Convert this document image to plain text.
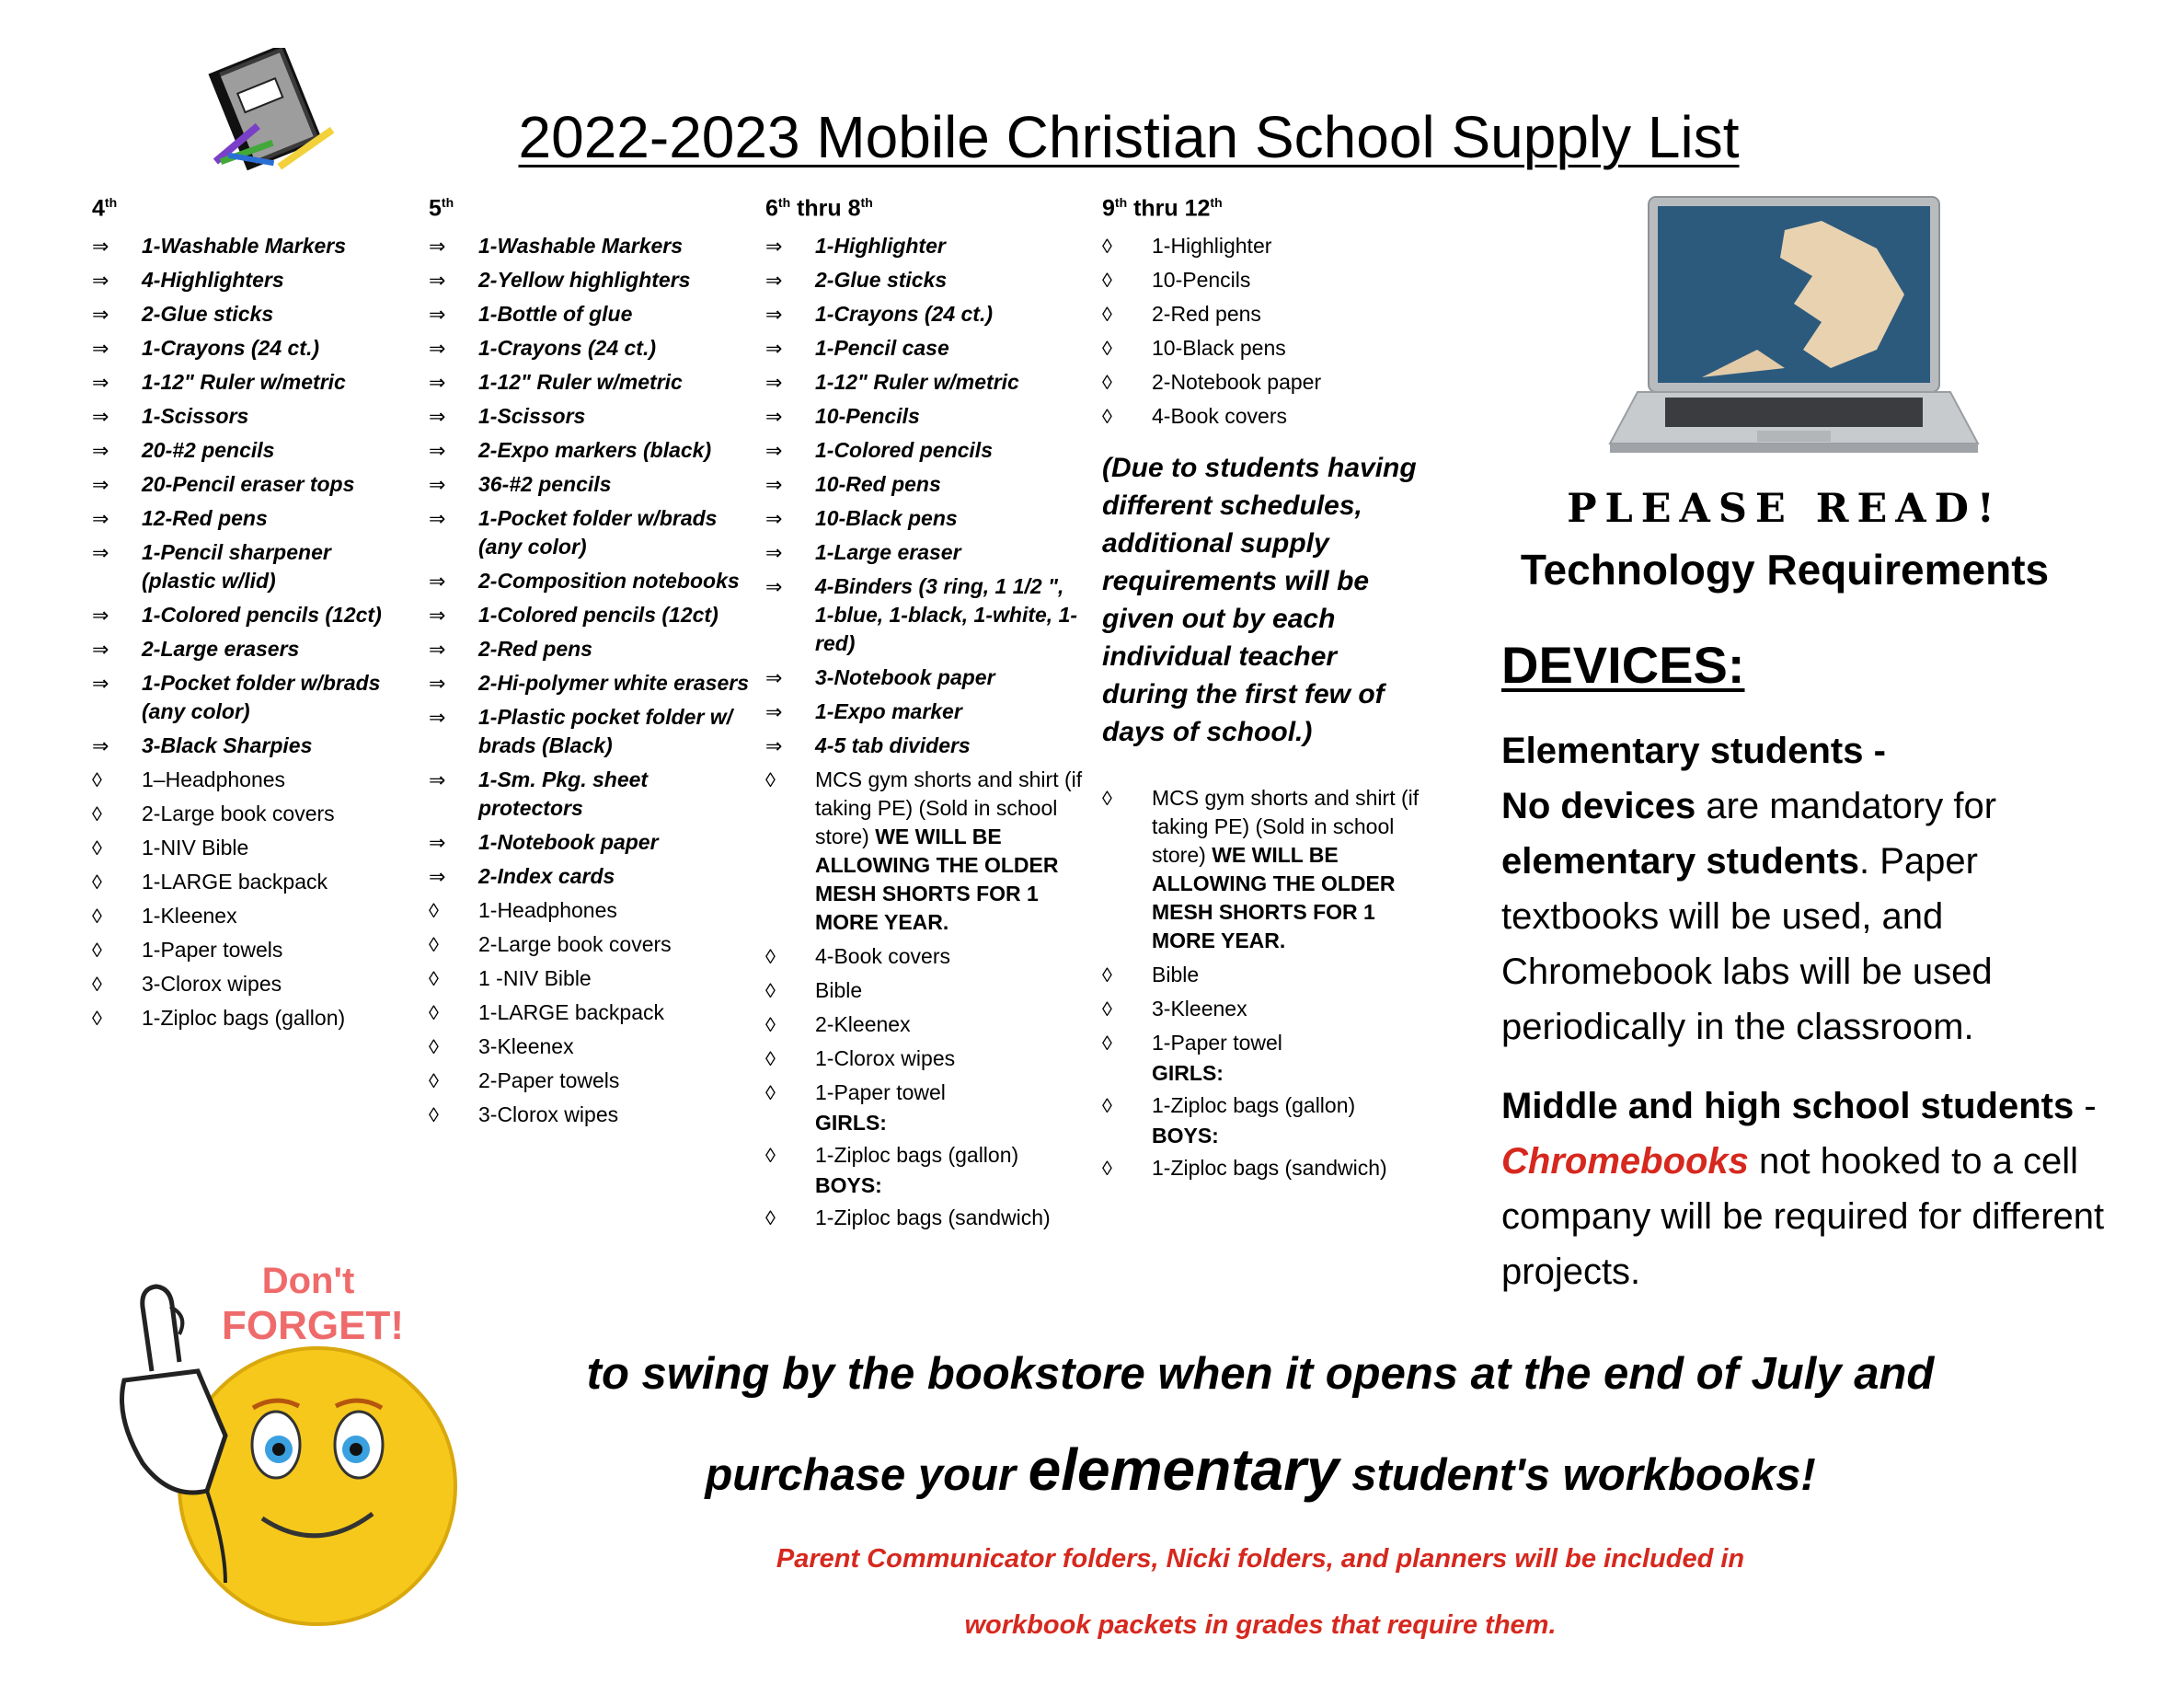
2022-2023 Mobile Christian School Supply List
4th
⇒	1-Washable Markers
⇒	4-Highlighters
⇒	2-Glue sticks
⇒	1-Crayons (24 ct.)
⇒	1-12" Ruler w/metric
⇒	1-Scissors
⇒	20-#2 pencils
⇒	20-Pencil eraser tops
⇒	12-Red pens
⇒	1-Pencil sharpener (plastic w/lid)
⇒	1-Colored pencils (12ct)
⇒	2-Large erasers
⇒	1-Pocket folder w/brads (any color)
⇒	3-Black Sharpies
◊	1–Headphones
◊	2-Large book covers
◊	1-NIV Bible
◊	1-LARGE backpack
◊	1-Kleenex
◊	1-Paper towels
◊	3-Clorox wipes
◊	1-Ziploc bags (gallon)
5th
⇒	1-Washable Markers
⇒	2-Yellow highlighters
⇒	1-Bottle of glue
⇒	1-Crayons (24 ct.)
⇒	1-12" Ruler w/metric
⇒	1-Scissors
⇒	2-Expo markers (black)
⇒	36-#2 pencils
⇒	1-Pocket folder w/brads (any color)
⇒	2-Composition notebooks
⇒	1-Colored pencils (12ct)
⇒	2-Red pens
⇒	2-Hi-polymer white erasers
⇒	1-Plastic pocket folder w/ brads (Black)
⇒	1-Sm. Pkg. sheet protectors
⇒	1-Notebook paper
⇒	2-Index cards
◊	1-Headphones
◊	2-Large book covers
◊	1 -NIV Bible
◊	1-LARGE backpack
◊	3-Kleenex
◊	2-Paper towels
◊	3-Clorox wipes
6th thru 8th
⇒	1-Highlighter
⇒	2-Glue sticks
⇒	1-Crayons (24 ct.)
⇒	1-Pencil case
⇒	1-12" Ruler w/metric
⇒	10-Pencils
⇒	1-Colored pencils
⇒	10-Red pens
⇒	10-Black pens
⇒	1-Large eraser
⇒	4-Binders (3 ring, 1 1/2 ", 1-blue, 1-black, 1-white, 1-red)
⇒	3-Notebook paper
⇒	1-Expo marker
⇒	4-5 tab dividers
◊	MCS gym shorts and shirt (if taking PE) (Sold in school store) WE WILL BE ALLOWING THE OLDER MESH SHORTS FOR 1 MORE YEAR.
◊	4-Book covers
◊	Bible
◊	2-Kleenex
◊	1-Clorox wipes
◊	1-Paper towel
GIRLS:
◊	1-Ziploc bags (gallon)
BOYS:
◊	1-Ziploc bags (sandwich)
9th thru 12th
◊	1-Highlighter
◊	10-Pencils
◊	2-Red pens
◊	10-Black pens
◊	2-Notebook paper
◊	4-Book covers
(Due to students having different schedules, additional supply requirements will be given out by each individual teacher during the first few of days of school.)
◊	MCS gym shorts and shirt (if taking PE) (Sold in school store) WE WILL BE ALLOWING THE OLDER MESH SHORTS FOR 1 MORE YEAR.
◊	Bible
◊	3-Kleenex
◊	1-Paper towel
GIRLS:
◊	1-Ziploc bags (gallon)
BOYS:
◊	1-Ziploc bags (sandwich)
PLEASE READ!
Technology Requirements
DEVICES:
Elementary students -
No devices are mandatory for elementary students. Paper textbooks will be used, and Chromebook labs will be used periodically in the classroom.
Middle and high school students - Chromebooks not hooked to a cell company will be required for different projects.
Don't
FORGET!
to swing by the bookstore when it opens at the end of July and
purchase your elementary student's workbooks!
Parent Communicator folders, Nicki folders, and planners will be included in
workbook packets in grades that require them.
